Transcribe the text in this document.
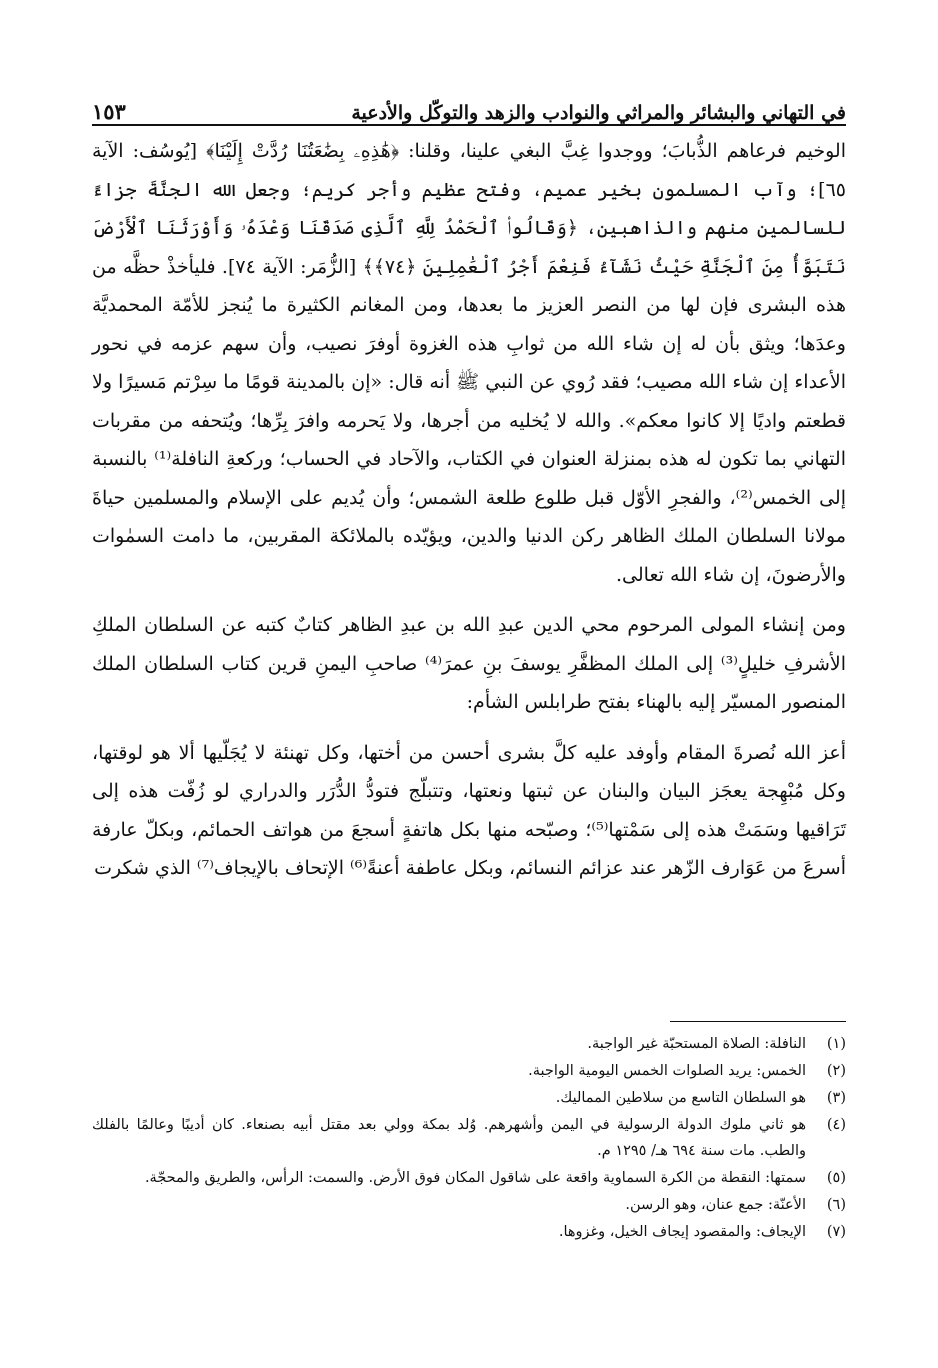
١٥٣	في التهاني والبشائر والمراثي والنوادب والزهد والتوكّل والأدعية

الوخيم فرعاهم الذُّبابَ؛ ووجدوا غِبَّ البغي علينا، وقلنا: ﴿هَٰذِهِۦ بِضَٰعَتُنَا رُدَّتْ إِلَيْنَا﴾ [يُوسُف: الآية ٦٥]؛ وآب المسلمون بخير عميم، وفتح عظيم وأجر كريم؛ وجعل الله الجنَّةَ جزاءً للسالمين منهم والذاهبين، ﴿وَقَالُوا۟ ٱلْحَمْدُ لِلَّهِ ٱلَّذِى صَدَقَنَا وَعْدَهُۥ وَأَوْرَثَنَا ٱلْأَرْضَ نَتَبَوَّأُ مِنَ ٱلْجَنَّةِ حَيْثُ نَشَآءُ فَنِعْمَ أَجْرُ ٱلْعَٰمِلِينَ ﴿٧٤﴾﴾ [الزُّمَر: الآية ٧٤]. فليأخذْ حظَّه من هذه البشرى فإن لها من النصر العزيز ما بعدها، ومن المغانم الكثيرة ما يُنجز للأمّة المحمديَّة وعدَها؛ ويثق بأن له إن شاء الله من ثوابِ هذه الغزوة أوفرَ نصيب، وأن سهم عزمه في نحور الأعداء إن شاء الله مصيب؛ فقد رُوي عن النبي ﷺ أنه قال: «إن بالمدينة قومًا ما سِرْتم مَسيرًا ولا قطعتم واديًا إلا كانوا معكم». والله لا يُخليه من أجرها، ولا يَحرمه وافرَ بِرِّها؛ ويُتحفه من مقربات التهاني بما تكون له هذه بمنزلة العنوان في الكتاب، والآحاد في الحساب؛ وركعةِ النافلة⁽¹⁾ بالنسبة إلى الخمس⁽²⁾، والفجرِ الأوّل قبل طلوع طلعة الشمس؛ وأن يُديم على الإسلام والمسلمين حياةَ مولانا السلطان الملك الظاهر ركن الدنيا والدين، ويؤيّده بالملائكة المقربين، ما دامت السمٰوات والأرضونَ، إن شاء الله تعالى.

ومن إنشاء المولى المرحوم محي الدين عبدِ الله بن عبدِ الظاهر كتابٌ كتبه عن السلطان الملكِ الأشرفِ خليلٍ⁽³⁾ إلى الملك المظفَّرِ يوسفَ بنِ عمرَ⁽⁴⁾ صاحبِ اليمنِ قرين كتاب السلطان الملك المنصور المسيّر إليه بالهناء بفتح طرابلس الشأم:

أعز الله نُصرةَ المقام وأوفد عليه كلَّ بشرى أحسن من أختها، وكل تهنئة لا يُجَلّيها ألا هو لوقتها، وكل مُبْهِجة يعجَز البيان والبنان عن ثبتها ونعتها، وتتبلّج فتودُّ الدُّرَر والدراري لو زُفّت هذه إلى تَرَاقيها وسَمَتْ هذه إلى سَمْتها⁽⁵⁾؛ وصبّحه منها بكل هاتفةٍ أسجعَ من هواتف الحمائم، وبكلّ عارفة أسرعَ من عَوَارف الزّهر عند عزائم النسائم، وبكل عاطفة أعنةً⁽⁶⁾ الإتحاف بالإيجاف⁽⁷⁾ الذي شكرت

(١)
النافلة: الصلاة المستحبّة غير الواجبة.
(٢)
الخمس: يريد الصلوات الخمس اليومية الواجبة.
(٣)
هو السلطان التاسع من سلاطين المماليك.
(٤)
هو ثاني ملوك الدولة الرسولية في اليمن وأشهرهم. وُلد بمكة وولي بعد مقتل أبيه بصنعاء. كان أديبًا وعالمًا بالفلك والطب. مات سنة ٦٩٤ هـ/ ١٢٩٥ م.
(٥)
سمتها: النقطة من الكرة السماوية واقعة على شاقول المكان فوق الأرض. والسمت: الرأس، والطريق والمحجّة.
(٦)
الأعنّة: جمع عنان، وهو الرسن.
(٧)
الإيجاف: والمقصود إيجاف الخيل، وغزوها.
